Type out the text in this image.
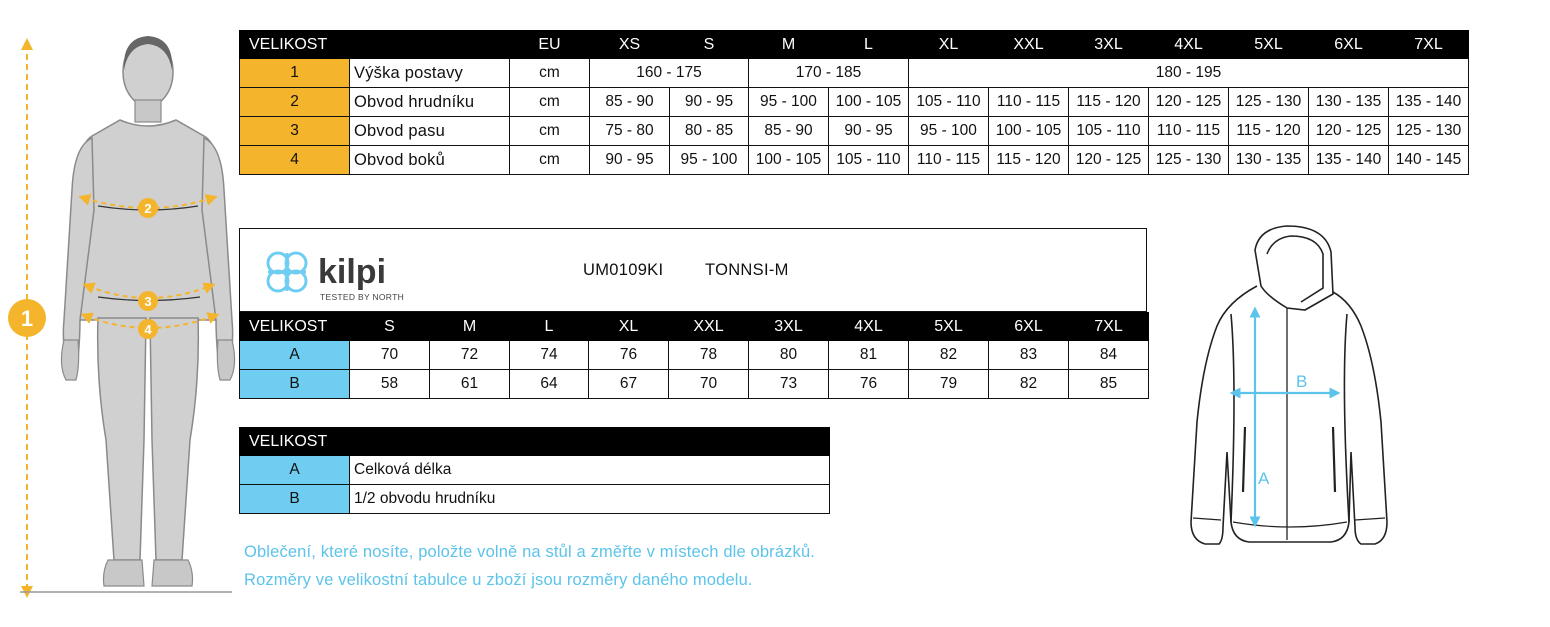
1
2
3
4
VELIKOST		EU	XS	S	M	L	XL	XXL	3XL	4XL	5XL	6XL	7XL
1	Výška postavy	cm	160 - 175		170 - 185		180 - 195						
2	Obvod hrudníku	cm	85 - 90	90 - 95	95 - 100	100 - 105	105 - 110	110 - 115	115 - 120	120 - 125	125 - 130	130 - 135	135 - 140
3	Obvod pasu	cm	75 - 80	80 - 85	85 - 90	90 - 95	95 - 100	100 - 105	105 - 110	110 - 115	115 - 120	120 - 125	125 - 130
4	Obvod boků	cm	90 - 95	95 - 100	100 - 105	105 - 110	110 - 115	115 - 120	120 - 125	125 - 130	130 - 135	135 - 140	140 - 145
kilpi
TESTED BY NORTH
UM0109KI	TONNSI-M
VELIKOST	S	M	L	XL	XXL	3XL	4XL	5XL	6XL	7XL
A	70	72	74	76	78	80	81	82	83	84
B	58	61	64	67	70	73	76	79	82	85
VELIKOST	
A	Celková délka
B	1/2 obvodu hrudníku
Oblečení, které nosíte, položte volně na stůl a změřte v místech dle obrázků.
Rozměry ve velikostní tabulce u zboží jsou rozměry daného modelu.
A
B
